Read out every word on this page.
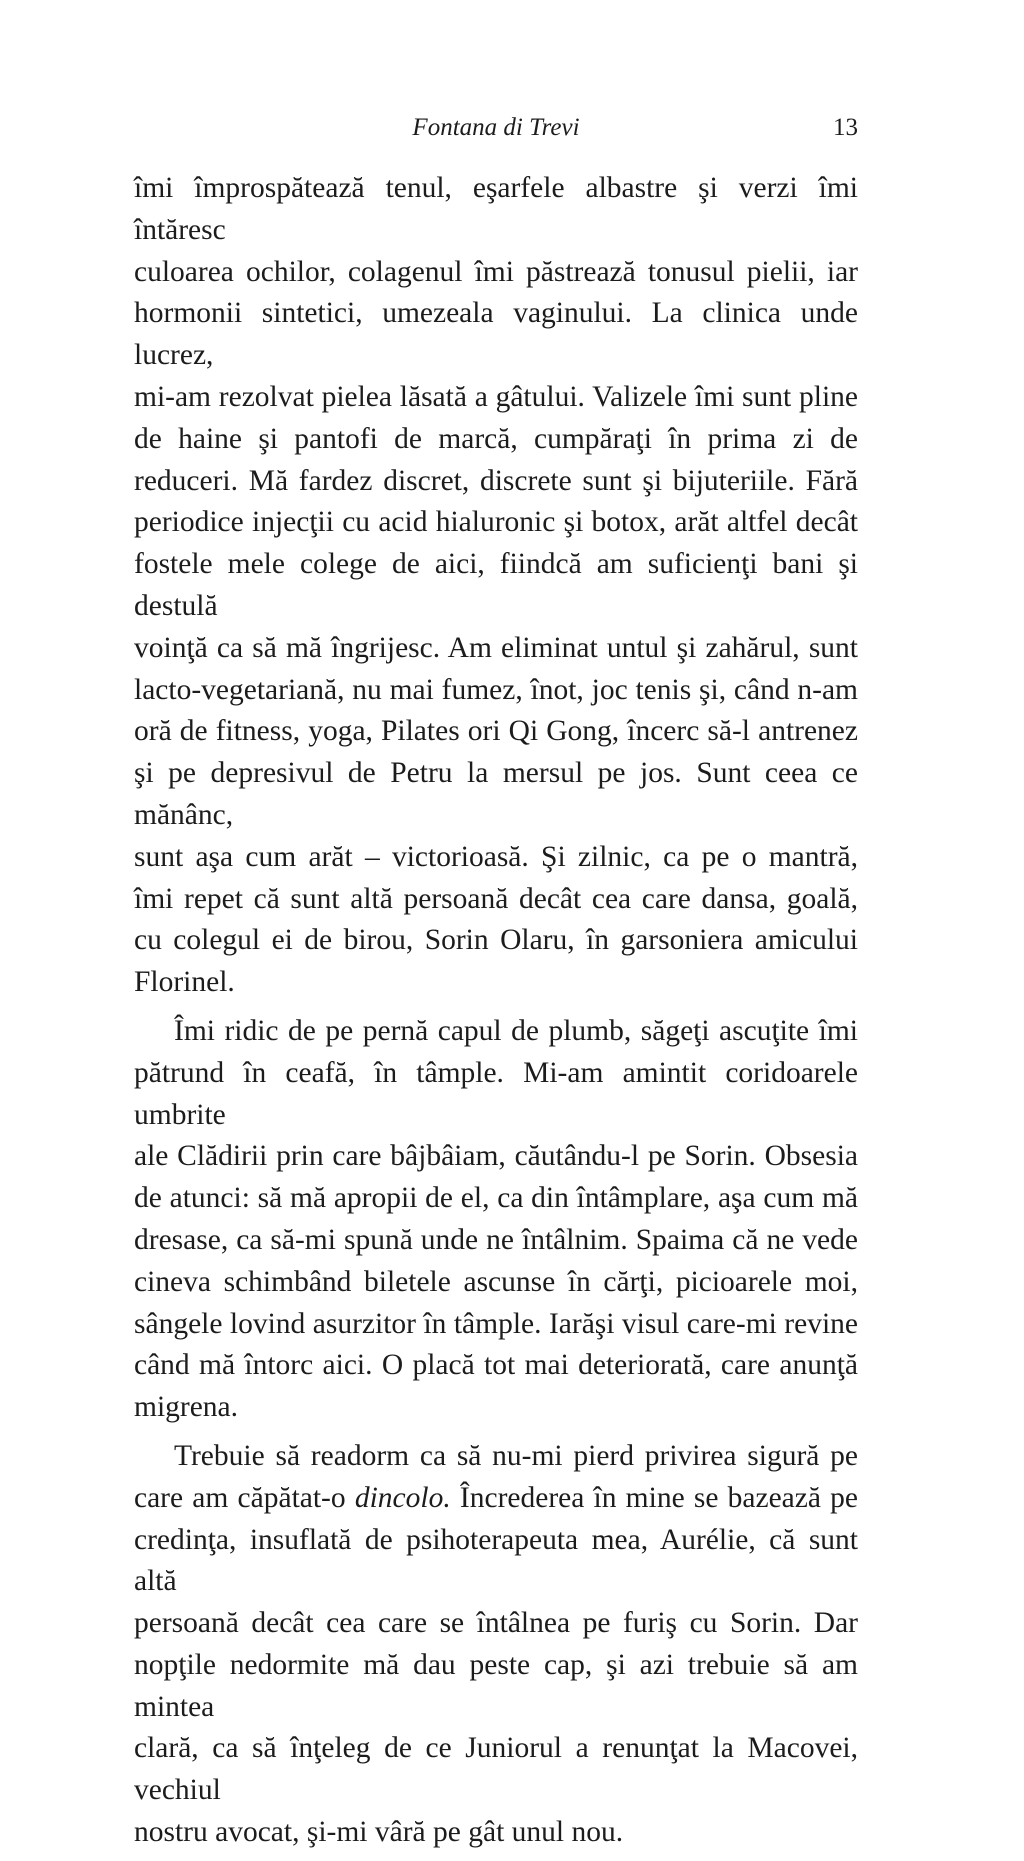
Fontana di Trevi	13
îmi împrospătează tenul, eşarfele albastre şi verzi îmi întăresc
culoarea ochilor, colagenul îmi păstrează tonusul pielii, iar
hormonii sintetici, umezeala vaginului. La clinica unde lucrez,
mi-am rezolvat pielea lăsată a gâtului. Valizele îmi sunt pline
de haine şi pantofi de marcă, cumpăraţi în prima zi de
reduceri. Mă fardez discret, discrete sunt şi bijuteriile. Fără
periodice injecţii cu acid hialuronic şi botox, arăt altfel decât
fostele mele colege de aici, fiindcă am suficienţi bani şi destulă
voinţă ca să mă îngrijesc. Am eliminat untul şi zahărul, sunt
lacto-vegetariană, nu mai fumez, înot, joc tenis şi, când n-am
oră de fitness, yoga, Pilates ori Qi Gong, încerc să-l antrenez
şi pe depresivul de Petru la mersul pe jos. Sunt ceea ce mănânc,
sunt aşa cum arăt – victorioasă. Şi zilnic, ca pe o mantră,
îmi repet că sunt altă persoană decât cea care dansa, goală,
cu colegul ei de birou, Sorin Olaru, în garsoniera amicului
Florinel.
Îmi ridic de pe pernă capul de plumb, săgeţi ascuţite îmi
pătrund în ceafă, în tâmple. Mi-am amintit coridoarele umbrite
ale Clădirii prin care bâjbâiam, căutându-l pe Sorin. Obsesia
de atunci: să mă apropii de el, ca din întâmplare, aşa cum mă
dresase, ca să-mi spună unde ne întâlnim. Spaima că ne vede
cineva schimbând biletele ascunse în cărţi, picioarele moi,
sângele lovind asurzitor în tâmple. Iarăşi visul care-mi revine
când mă întorc aici. O placă tot mai deteriorată, care anunţă
migrena.
Trebuie să readorm ca să nu-mi pierd privirea sigură pe
care am căpătat-o dincolo. Încrederea în mine se bazează pe
credinţa, insuflată de psihoterapeuta mea, Aurélie, că sunt altă
persoană decât cea care se întâlnea pe furiş cu Sorin. Dar
nopţile nedormite mă dau peste cap, şi azi trebuie să am mintea
clară, ca să înţeleg de ce Juniorul a renunţat la Macovei, vechiul
nostru avocat, şi-mi vâră pe gât unul nou.
